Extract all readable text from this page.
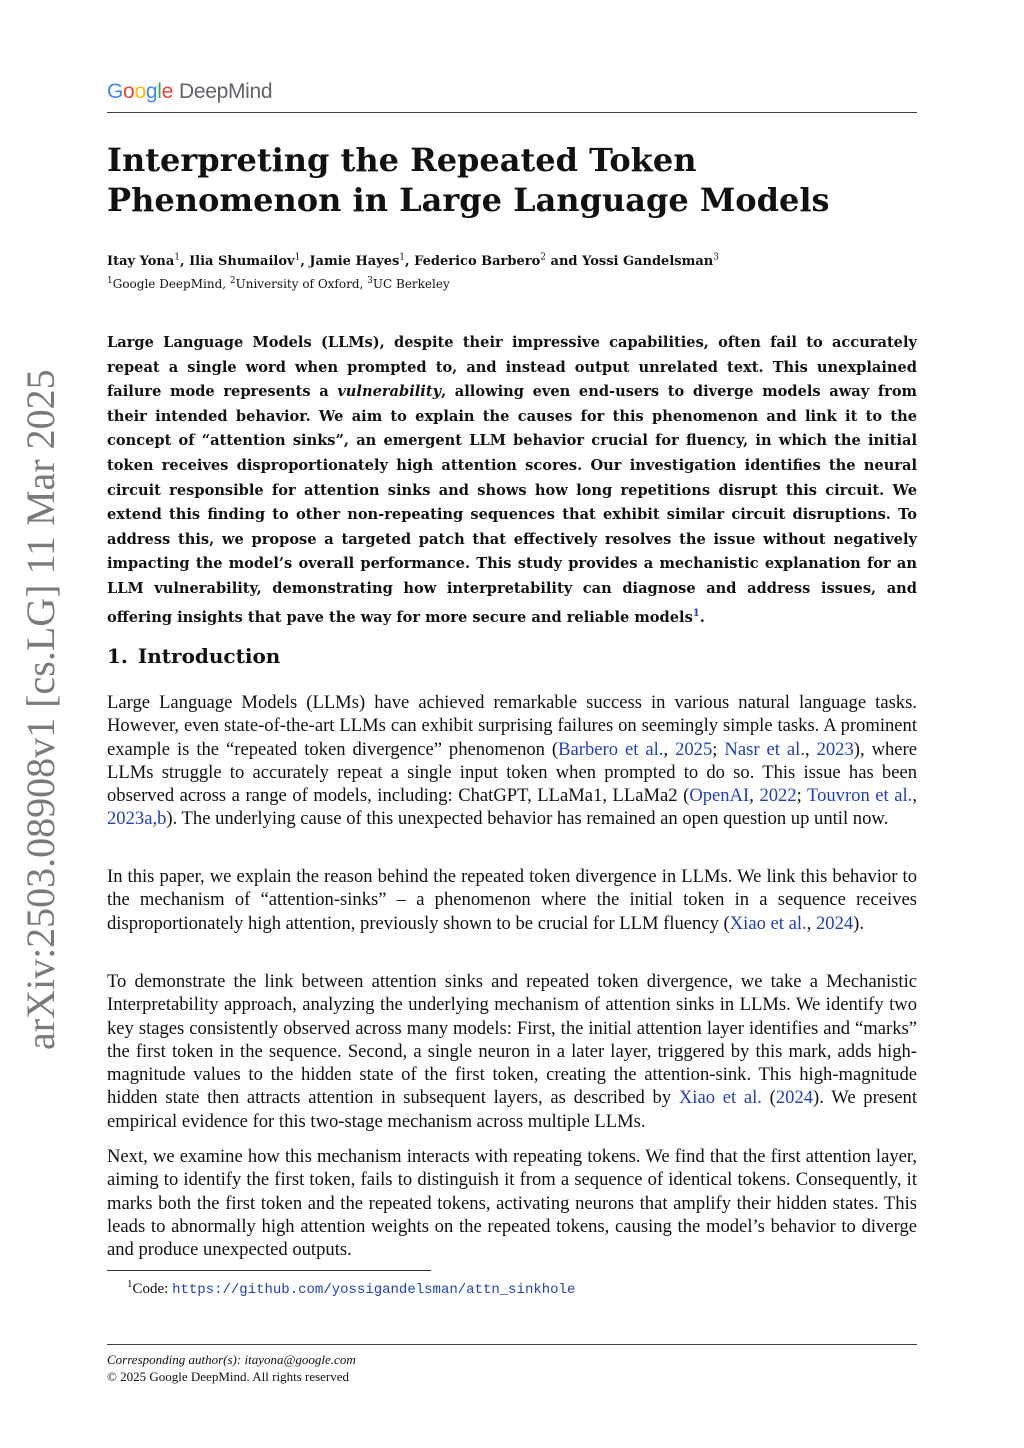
G o o g l e DeepMind
Interpreting the Repeated Token Phenomenon in Large Language Models
Itay Yona$^1$, Ilia Shumailov$^1$, Jamie Hayes$^1$, Federico Barbero$^2$ and Yossi Gandelsman$^3$
$^1$Google DeepMind, $^2$University of Oxford, $^3$UC Berkeley

Large Language Models (LLMs), despite their impressive capabilities, often fail to accurately repeat a single word when prompted to, and instead output unrelated text. This unexplained failure mode represents a vulnerability, allowing even end-users to diverge models away from their intended behavior. We aim to explain the causes for this phenomenon and link it to the concept of “attention sinks”, an emergent LLM behavior crucial for fluency, in which the initial token receives disproportionately high attention scores. Our investigation identifies the neural circuit responsible for attention sinks and shows how long repetitions disrupt this circuit. We extend this finding to other non-repeating sequences that exhibit similar circuit disruptions. To address this, we propose a targeted patch that effectively resolves the issue without negatively impacting the model’s overall performance. This study provides a mechanistic explanation for an LLM vulnerability, demonstrating how interpretability can diagnose and address issues, and offering insights that pave the way for more secure and reliable models$^1$.

arXiv:2503.08908v1 [cs.LG] 11 Mar 2025 1. Introduction

Large Language Models (LLMs) have achieved remarkable success in various natural language tasks. However, even state-of-the-art LLMs can exhibit surprising failures on seemingly simple tasks. A prominent example is the “repeated token divergence” phenomenon (Barbero et al., 2025; Nasr et al., 2023), where LLMs struggle to accurately repeat a single input token when prompted to do so. This issue has been observed across a range of models, including: ChatGPT, LLaMa1, LLaMa2 (OpenAI, 2022; Touvron et al., 2023a,b). The underlying cause of this unexpected behavior has remained an open question up until now.

In this paper, we explain the reason behind the repeated token divergence in LLMs. We link this behavior to the mechanism of “attention-sinks” – a phenomenon where the initial token in a sequence receives disproportionately high attention, previously shown to be crucial for LLM fluency (Xiao et al., 2024).

To demonstrate the link between attention sinks and repeated token divergence, we take a Mechanistic Interpretability approach, analyzing the underlying mechanism of attention sinks in LLMs. We identify two key stages consistently observed across many models: First, the initial attention layer identifies and “marks” the first token in the sequence. Second, a single neuron in a later layer, triggered by this mark, adds high-magnitude values to the hidden state of the first token, creating the attention-sink. This high-magnitude hidden state then attracts attention in subsequent layers, as described by Xiao et al. (2024). We present empirical evidence for this two-stage mechanism across multiple LLMs.

Next, we examine how this mechanism interacts with repeating tokens. We find that the first attention layer, aiming to identify the first token, fails to distinguish it from a sequence of identical tokens. Consequently, it marks both the first token and the repeated tokens, activating neurons that amplify their hidden states. This leads to abnormally high attention weights on the repeated tokens, causing the model’s behavior to diverge and produce unexpected outputs.

$^1$Code: https://github.com/yossigandelsman/attn_sinkhole
Corresponding author(s): itayona@google.com
© 2025 Google DeepMind. All rights reserved
